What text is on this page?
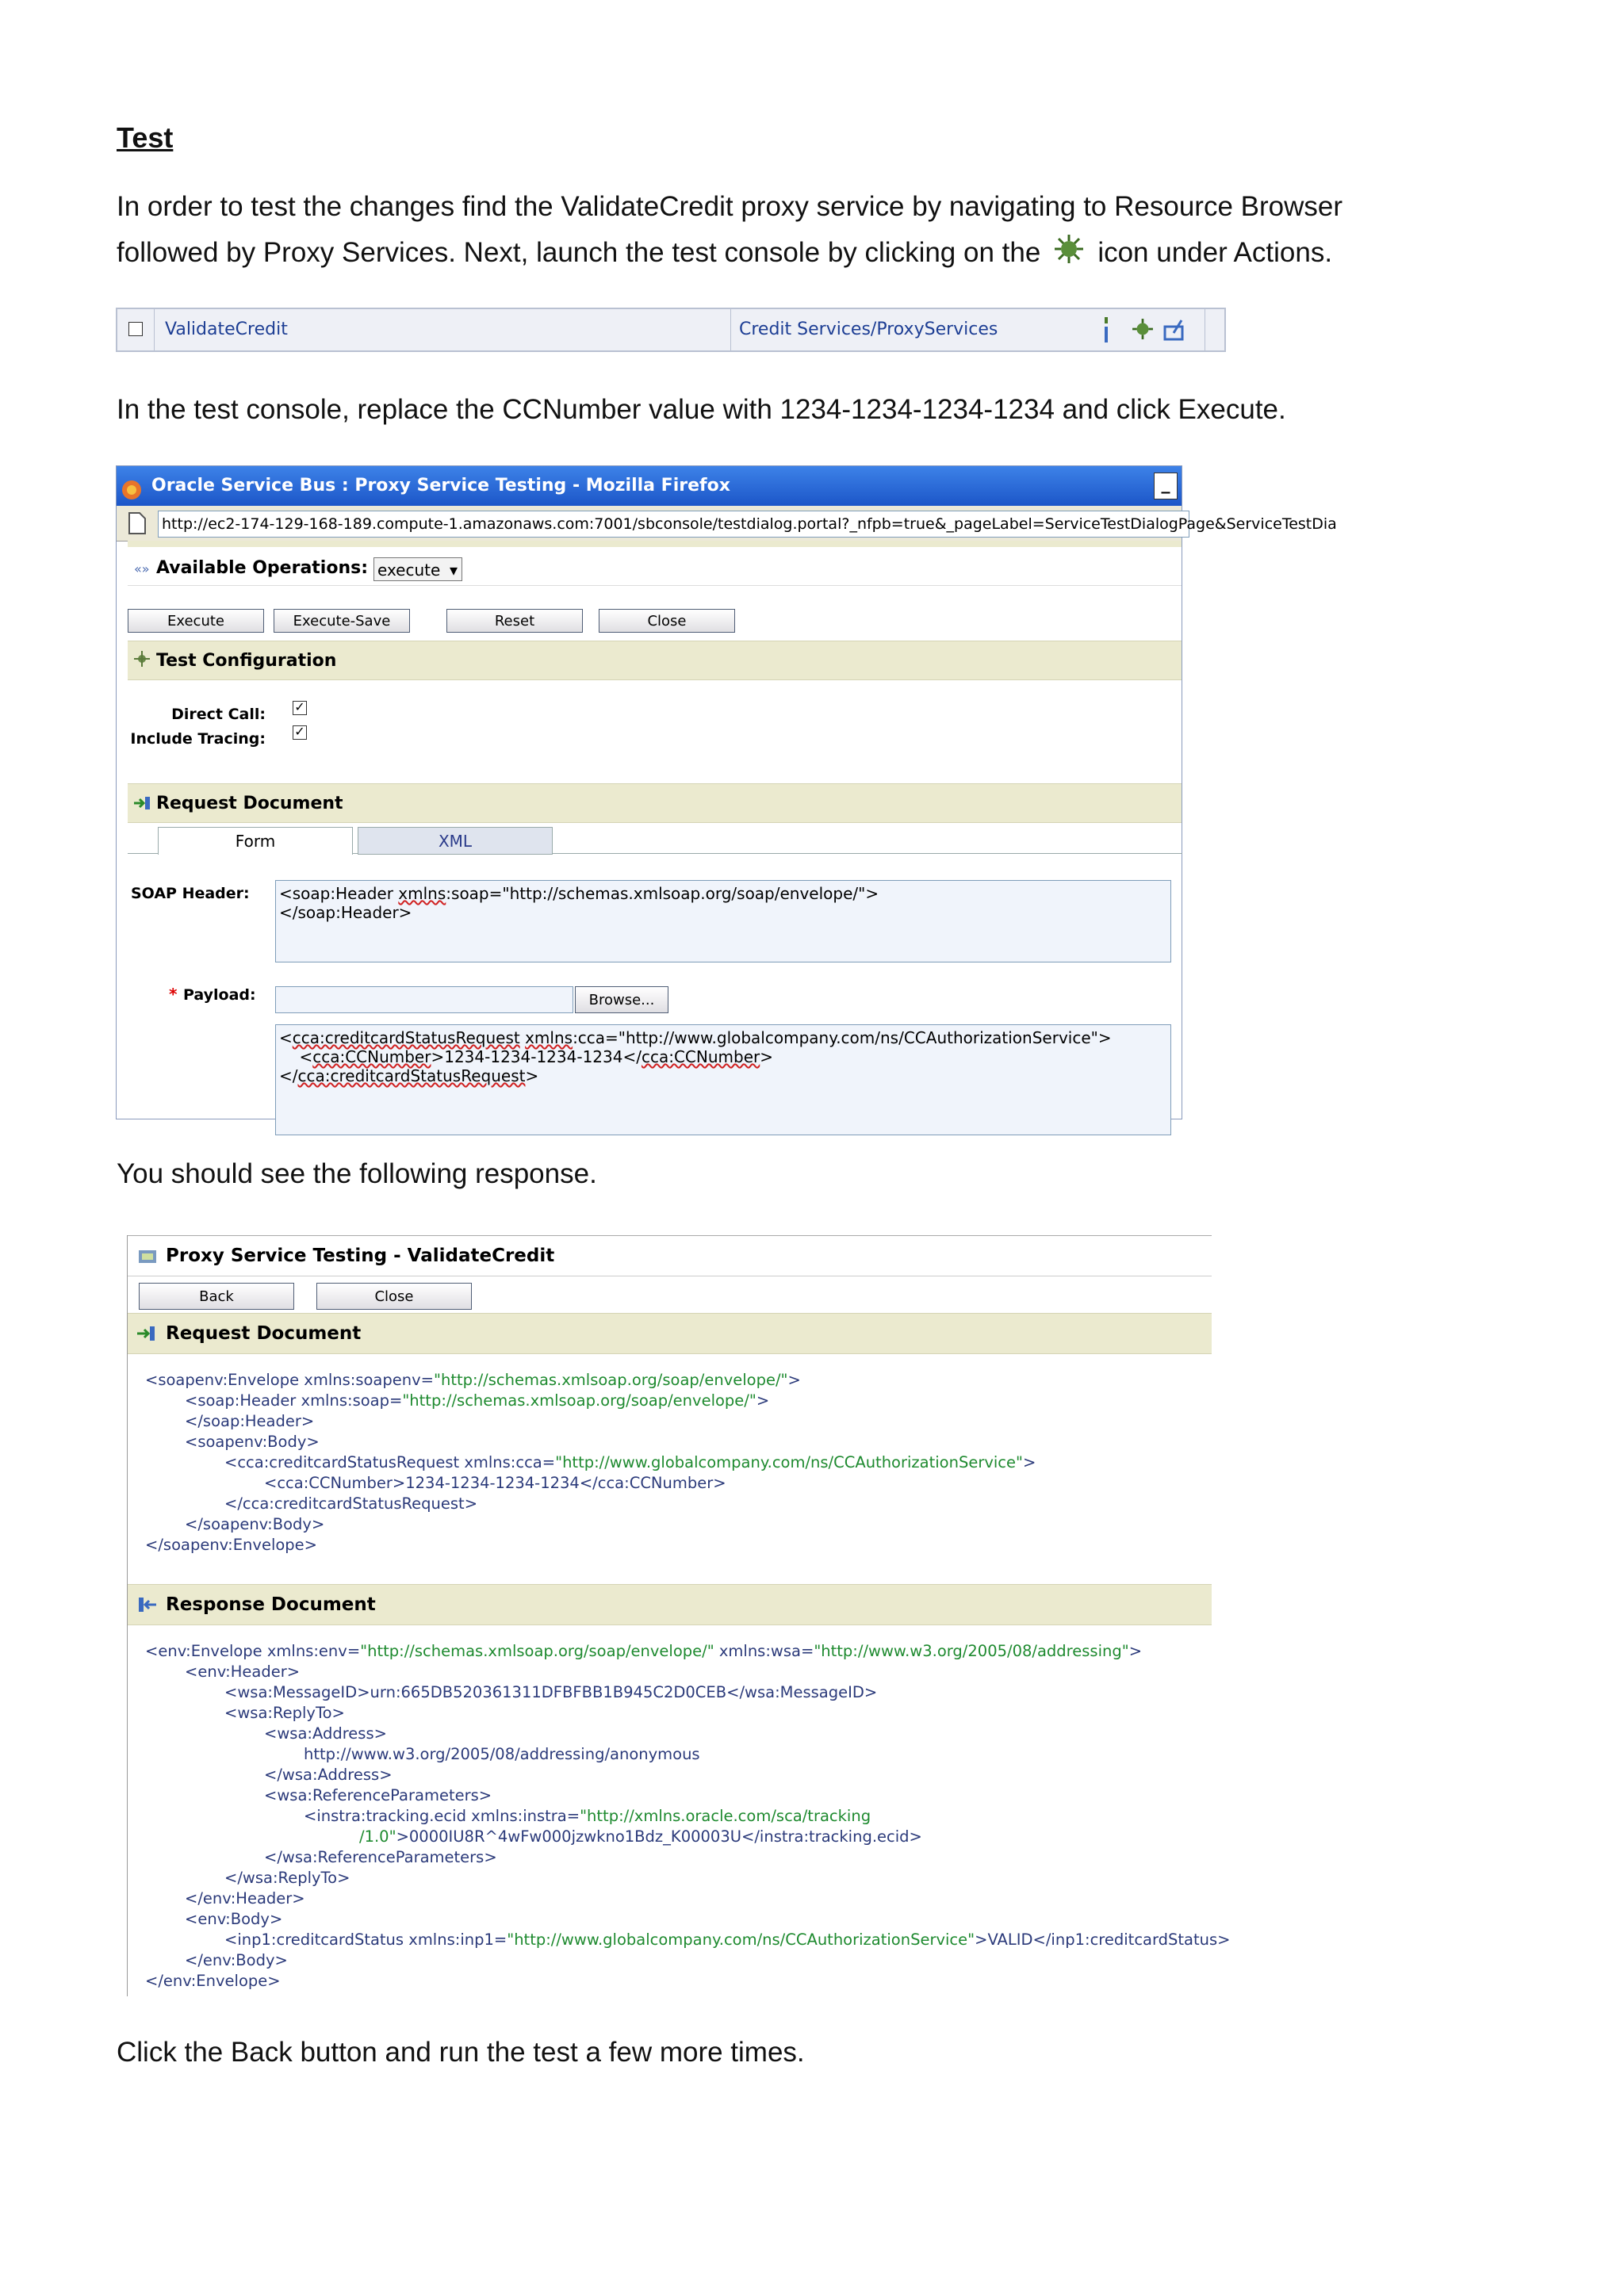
Test
In order to test the changes find the ValidateCredit proxy service by navigating to Resource Browser
followed by Proxy Services. Next, launch the test console by clicking on the icon under Actions.
ValidateCredit	Credit Services/ProxyServices
In the test console, replace the CCNumber value with 1234-1234-1234-1234 and click Execute.
Oracle Service Bus : Proxy Service Testing - Mozilla Firefox	_
http://ec2-174-129-168-189.compute-1.amazonaws.com:7001/sbconsole/testdialog.portal?_nfpb=true&_pageLabel=ServiceTestDialogPage&ServiceTestDia
«» Available Operations: execute ▾
Execute	Execute-Save	Reset	Close
Test Configuration
Direct Call: ✓
Include Tracing: ✓
Request Document
Form	XML
SOAP Header:	<soap:Header xmlns:soap="http://schemas.xmlsoap.org/soap/envelope/">
</soap:Header>
* Payload:	Browse...
<cca:creditcardStatusRequest xmlns:cca="http://www.globalcompany.com/ns/CCAuthorizationService">
<cca:CCNumber>1234-1234-1234-1234</cca:CCNumber>
</cca:creditcardStatusRequest>
You should see the following response.
Proxy Service Testing - ValidateCredit
Back	Close
Request Document
<soapenv:Envelope xmlns:soapenv="http://schemas.xmlsoap.org/soap/envelope/">
<soap:Header xmlns:soap="http://schemas.xmlsoap.org/soap/envelope/">
</soap:Header>
<soapenv:Body>
<cca:creditcardStatusRequest xmlns:cca="http://www.globalcompany.com/ns/CCAuthorizationService">
<cca:CCNumber>1234-1234-1234-1234</cca:CCNumber>
</cca:creditcardStatusRequest>
</soapenv:Body>
</soapenv:Envelope>
Response Document
<env:Envelope xmlns:env="http://schemas.xmlsoap.org/soap/envelope/" xmlns:wsa="http://www.w3.org/2005/08/addressing">
<env:Header>
<wsa:MessageID>urn:665DB520361311DFBFBB1B945C2D0CEB</wsa:MessageID>
<wsa:ReplyTo>
<wsa:Address>
http://www.w3.org/2005/08/addressing/anonymous
</wsa:Address>
<wsa:ReferenceParameters>
<instra:tracking.ecid xmlns:instra="http://xmlns.oracle.com/sca/tracking
/1.0">0000IU8R^4wFw000jzwkno1Bdz_K00003U</instra:tracking.ecid>
</wsa:ReferenceParameters>
</wsa:ReplyTo>
</env:Header>
<env:Body>
<inp1:creditcardStatus xmlns:inp1="http://www.globalcompany.com/ns/CCAuthorizationService">VALID</inp1:creditcardStatus>
</env:Body>
</env:Envelope>
Click the Back button and run the test a few more times.
